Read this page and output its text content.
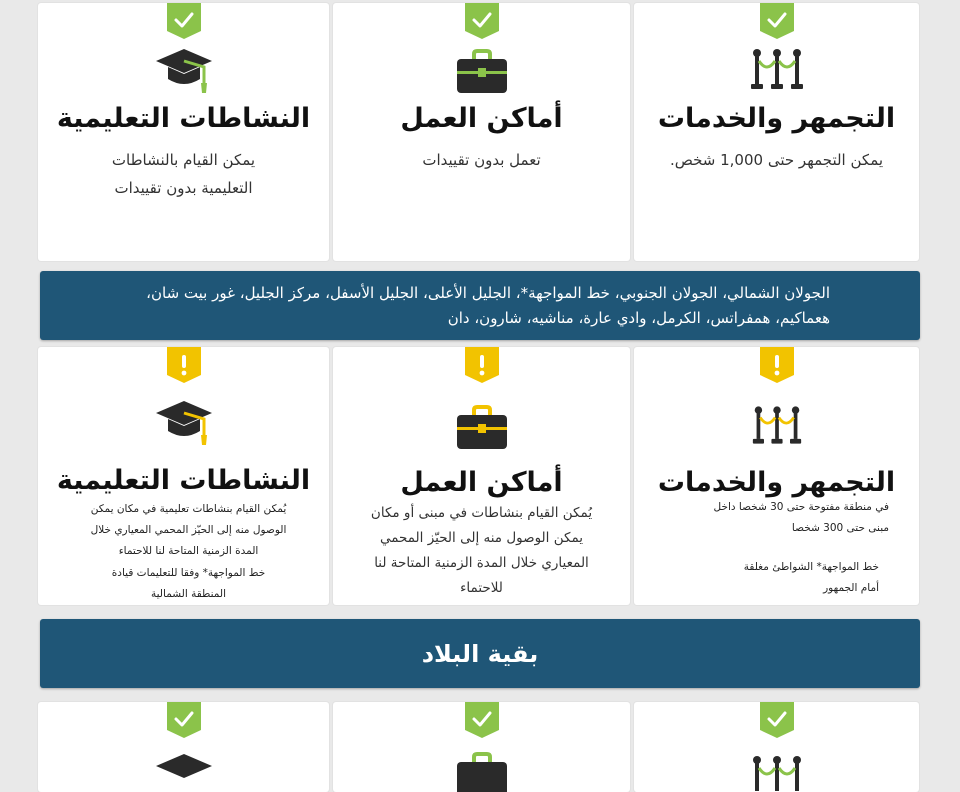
التجمهر والخدمات
يمكن التجمهر حتى 1,000 شخص.
أماكن العمل
تعمل بدون تقييدات
النشاطات التعليمية
يمكن القيام بالنشاطات التعليمية بدون تقييدات
الجولان الشمالي، الجولان الجنوبي، خط المواجهة*، الجليل الأعلى، الجليل الأسفل، مركز الجليل، غور بيت شان، هعماكيم، همفراتس، الكرمل، وادي عارة، مناشيه، شارون، دان
التجمهر والخدمات
في منطقة مفتوحة حتى 30 شخصا داخل مبنى حتى 300 شخصا
خط المواجهة* الشواطئ مغلقة أمام الجمهور
أماكن العمل
يُمكن القيام بنشاطات في مبنى أو مكان يمكن الوصول منه إلى الحيّز المحمي المعياري خلال المدة الزمنية المتاحة لنا للاحتماء
النشاطات التعليمية
يُمكن القيام بنشاطات تعليمية في مكان يمكن الوصول منه إلى الحيّز المحمي المعياري خلال المدة الزمنية المتاحة لنا للاحتماء
خط المواجهة* وفقا للتعليمات قيادة المنطقة الشمالية
بقية البلاد
